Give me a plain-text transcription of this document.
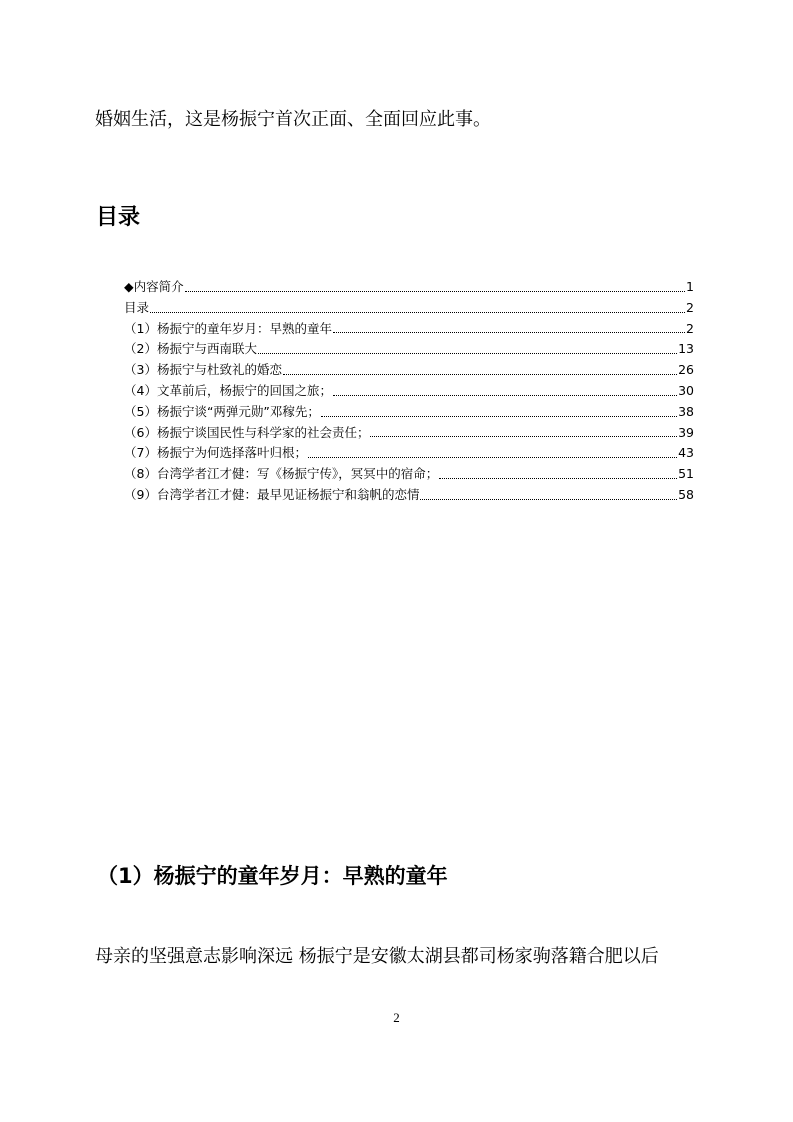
婚姻生活，这是杨振宁首次正面、全面回应此事。
目录
◆内容简介	1
目录	2
（1）杨振宁的童年岁月：早熟的童年	2
（2）杨振宁与西南联大	13
（3）杨振宁与杜致礼的婚恋	26
（4）文革前后，杨振宁的回国之旅；	30
（5）杨振宁谈“两弹元勋”邓稼先；	38
（6）杨振宁谈国民性与科学家的社会责任；	39
（7）杨振宁为何选择落叶归根；	43
（8）台湾学者江才健：写《杨振宁传》，冥冥中的宿命；	51
（9）台湾学者江才健：最早见证杨振宁和翁帆的恋情	58
（1）杨振宁的童年岁月：早熟的童年
母亲的坚强意志影响深远 杨振宁是安徽太湖县都司杨家驹落籍合肥以后
2
